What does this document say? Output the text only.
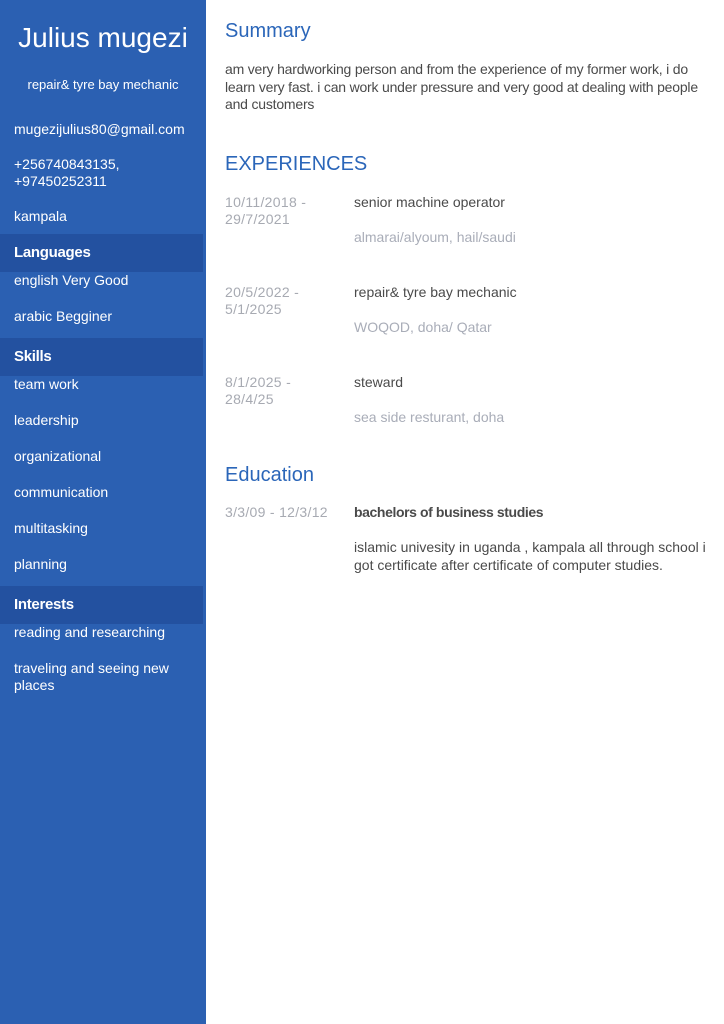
Julius mugezi
repair& tyre bay mechanic
mugezijulius80@gmail.com
+256740843135, +97450252311
kampala
Languages
english Very Good
arabic Begginer
Skills
team work
leadership
organizational
communication
multitasking
planning
Interests
reading and researching
traveling and seeing new places
Summary
am very hardworking person and from the experience of my former work, i do learn very fast. i can work under pressure and very good at dealing with people and customers
EXPERIENCES
10/11/2018 - 29/7/2021
senior machine operator
almarai/alyoum, hail/saudi
20/5/2022 - 5/1/2025
repair& tyre bay mechanic
WOQOD, doha/ Qatar
8/1/2025 - 28/4/25
steward
sea side resturant, doha
Education
3/3/09 - 12/3/12 bachelors of business studies
islamic univesity in uganda , kampala all through school i got certificate after certificate of computer studies.
